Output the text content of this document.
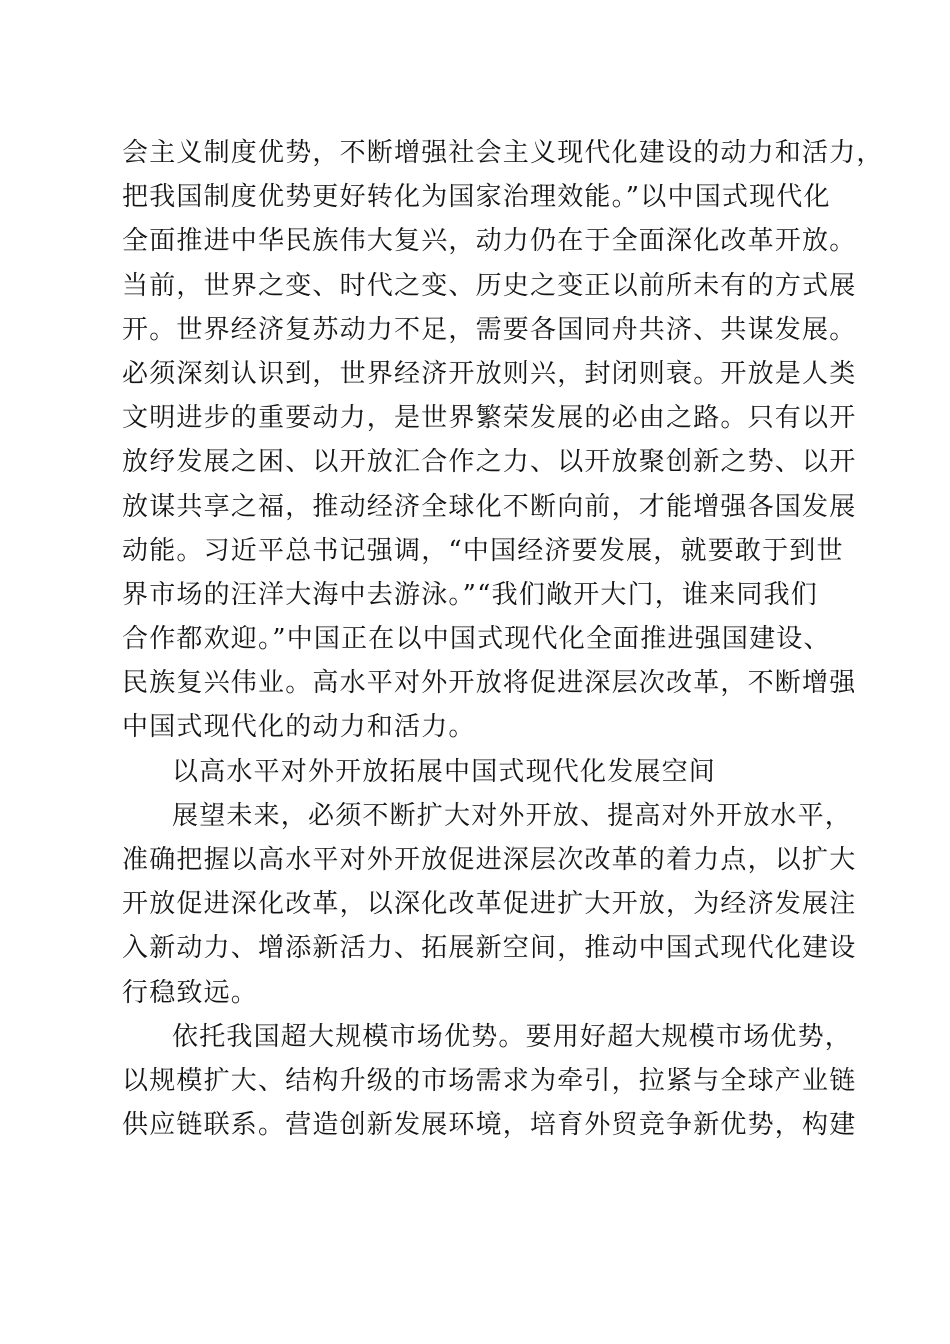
会主义制度优势，不断增强社会主义现代化建设的动力和活力，
把我国制度优势更好转化为国家治理效能。”以中国式现代化
全面推进中华民族伟大复兴，动力仍在于全面深化改革开放。
当前，世界之变、时代之变、历史之变正以前所未有的方式展
开。世界经济复苏动力不足，需要各国同舟共济、共谋发展。
必须深刻认识到，世界经济开放则兴，封闭则衰。开放是人类
文明进步的重要动力，是世界繁荣发展的必由之路。只有以开
放纾发展之困、以开放汇合作之力、以开放聚创新之势、以开
放谋共享之福，推动经济全球化不断向前，才能增强各国发展
动能。习近平总书记强调，“中国经济要发展，就要敢于到世
界市场的汪洋大海中去游泳。”“我们敞开大门，谁来同我们
合作都欢迎。”中国正在以中国式现代化全面推进强国建设、
民族复兴伟业。高水平对外开放将促进深层次改革，不断增强
中国式现代化的动力和活力。
以高水平对外开放拓展中国式现代化发展空间
展望未来，必须不断扩大对外开放、提高对外开放水平，
准确把握以高水平对外开放促进深层次改革的着力点，以扩大
开放促进深化改革，以深化改革促进扩大开放，为经济发展注
入新动力、增添新活力、拓展新空间，推动中国式现代化建设
行稳致远。
依托我国超大规模市场优势。要用好超大规模市场优势，
以规模扩大、结构升级的市场需求为牵引，拉紧与全球产业链
供应链联系。营造创新发展环境，培育外贸竞争新优势，构建
